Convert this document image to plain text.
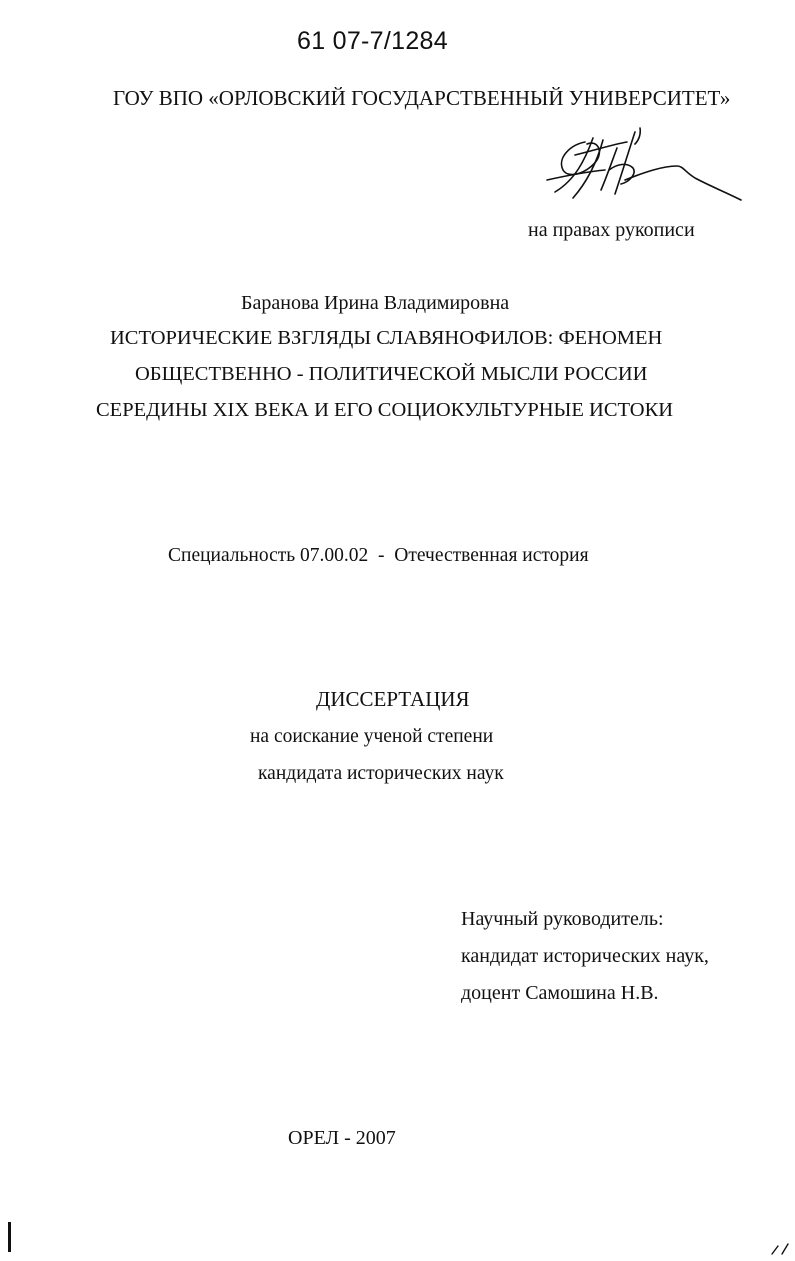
61 07-7/1284
ГОУ ВПО «ОРЛОВСКИЙ ГОСУДАРСТВЕННЫЙ УНИВЕРСИТЕТ»
на правах рукописи
Баранова Ирина Владимировна
ИСТОРИЧЕСКИЕ ВЗГЛЯДЫ СЛАВЯНОФИЛОВ: ФЕНОМЕН
ОБЩЕСТВЕННО - ПОЛИТИЧЕСКОЙ МЫСЛИ РОССИИ
СЕРЕДИНЫ XIX ВЕКА И ЕГО СОЦИОКУЛЬТУРНЫЕ ИСТОКИ
Специальность 07.00.02  -  Отечественная история
ДИССЕРТАЦИЯ
на соискание ученой степени
кандидата исторических наук
Научный руководитель:
кандидат исторических наук,
доцент Самошина Н.В.
ОРЕЛ - 2007
